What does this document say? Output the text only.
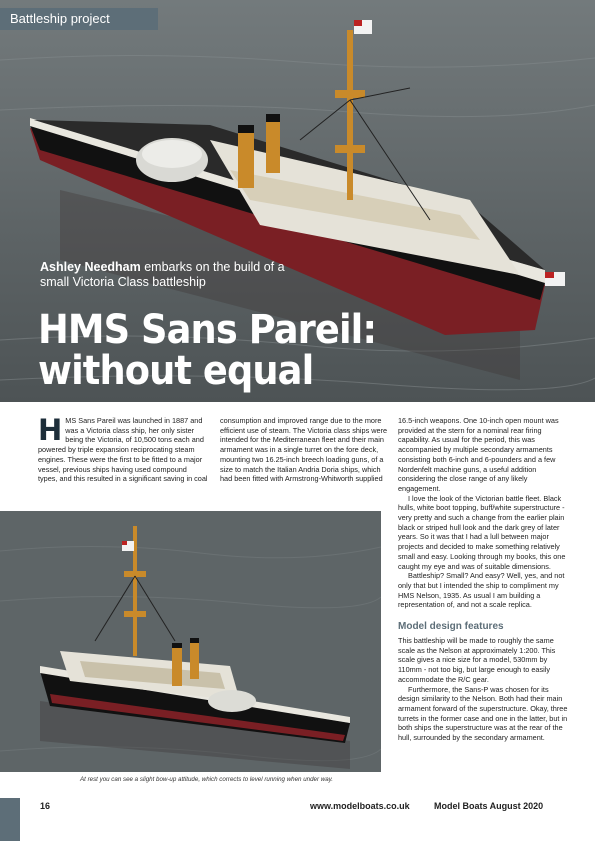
Battleship project
Ashley Needham embarks on the build of a small Victoria Class battleship
HMS Sans Pareil:
without equal

HMS Sans Pareil was launched in 1887 and was a Victoria class ship, her only sister being the Victoria, of 10,500 tons each and powered by triple expansion reciprocating steam engines. These were the first to be fitted to a major vessel, previous ships having used compound types, and this resulted in a significant saving in coal

consumption and improved range due to the more efficient use of steam. The Victoria class ships were intended for the Mediterranean fleet and their main armament was in a single turret on the fore deck, mounting two 16.25-inch breech loading guns, of a size to match the Italian Andria Doria ships, which had been fitted with Armstrong-Whitworth supplied

16.5-inch weapons. One 10-inch open mount was provided at the stern for a nominal rear firing capability. As usual for the period, this was accompanied by multiple secondary armaments consisting both 6-inch and 6-pounders and a few Nordenfelt machine guns, a useful addition considering the close range of any likely engagement.

I love the look of the Victorian battle fleet. Black hulls, white boot topping, buff/white superstructure - very pretty and such a change from the earlier plain black or striped hull look and the dark grey of later years. So it was that I had a lull between major projects and decided to make something relatively small and easy. Looking through my books, this one caught my eye and was of suitable dimensions.

Battleship? Small? And easy? Well, yes, and not only that but I intended the ship to compliment my HMS Nelson, 1935. As usual I am building a representation of, and not a scale replica.

Model design features

This battleship will be made to roughly the same scale as the Nelson at approximately 1:200. This scale gives a nice size for a model, 530mm by 110mm - not too big, but large enough to easily accommodate the R/C gear.

Furthermore, the Sans-P was chosen for its design similarity to the Nelson. Both had their main armament forward of the superstructure. Okay, three turrets in the former case and one in the latter, but in both ships the superstructure was at the rear of the hull, surrounded by the secondary armament.

At rest you can see a slight bow-up attitude, which corrects to level running when under way.
16	www.modelboats.co.uk	Model Boats August 2020
